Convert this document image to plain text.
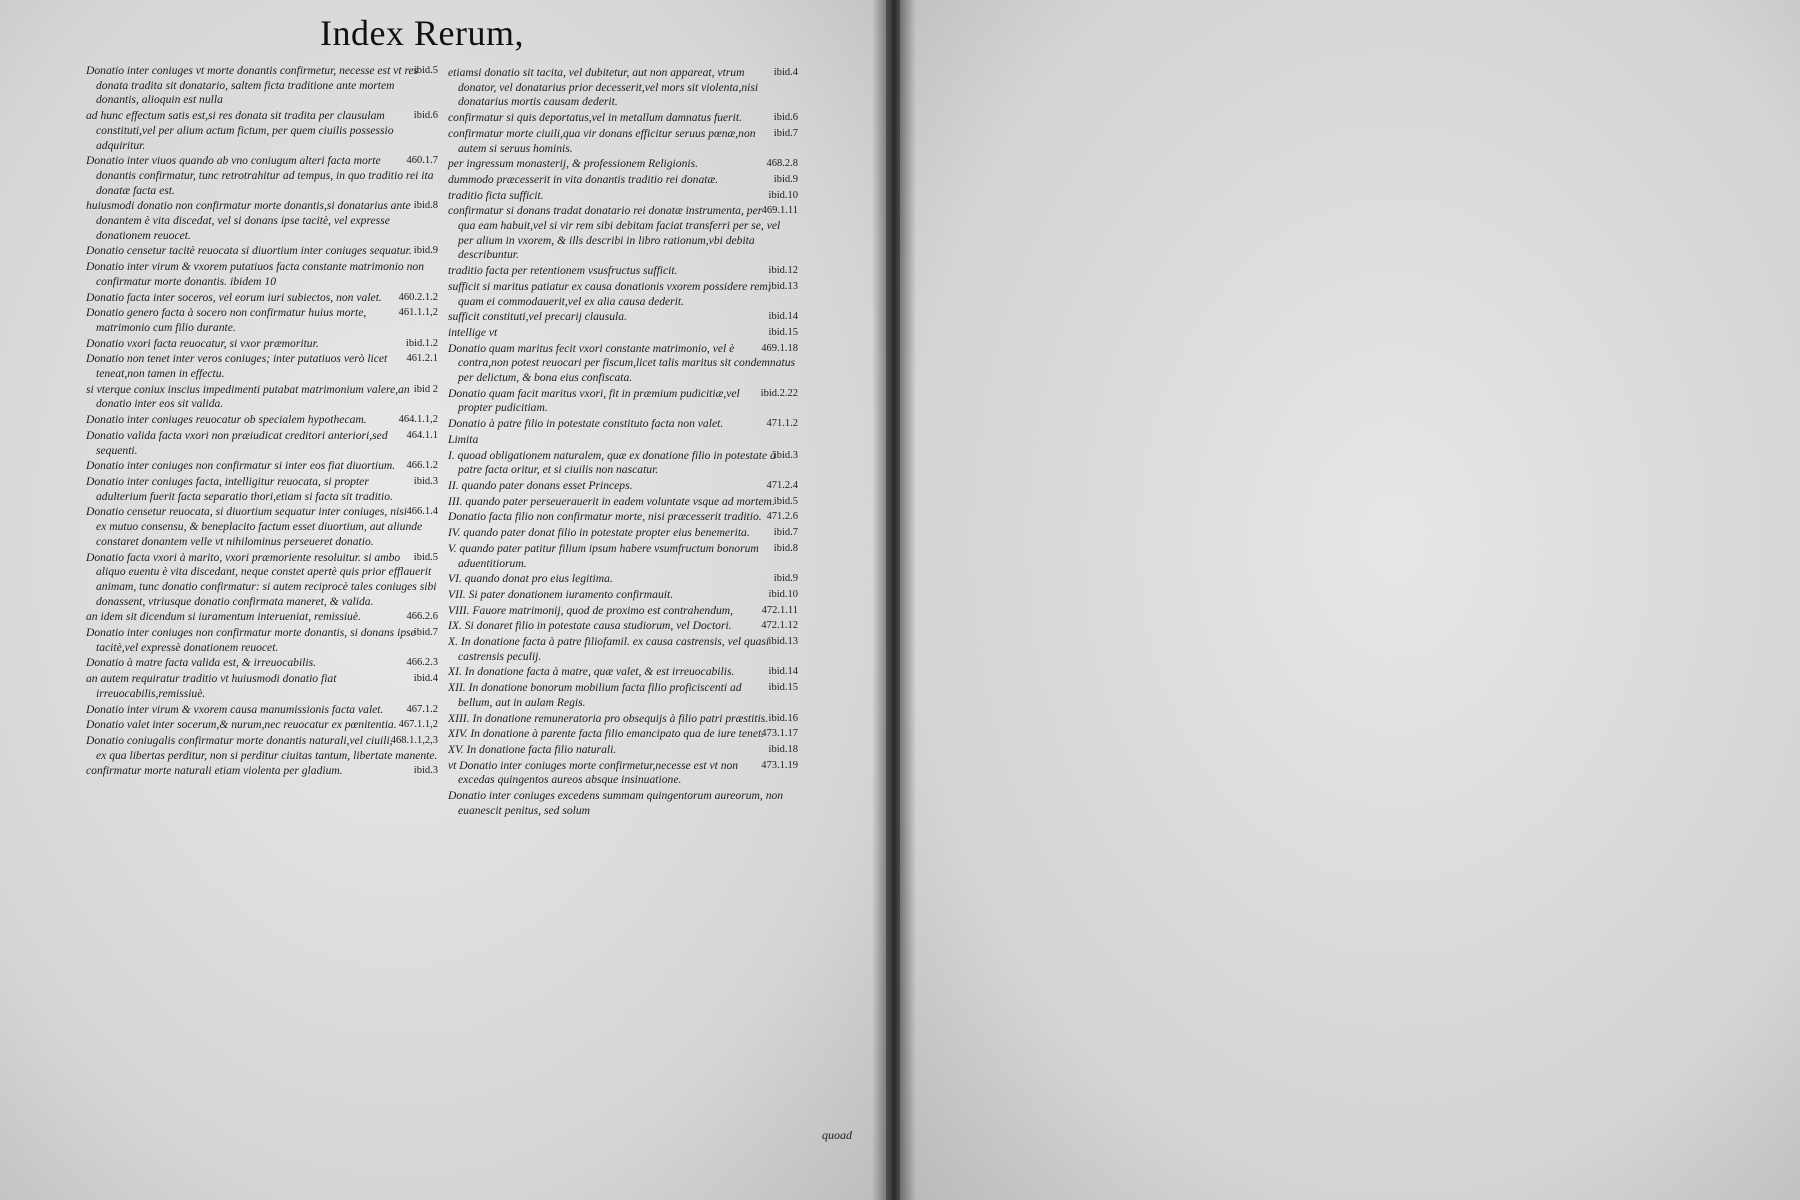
Index Rerum,
ibid.5
Donatio inter coniuges vt morte donantis confirmetur, necesse est vt res donata tradita sit donatario, saltem ficta traditione ante mortem donantis, alioquin est nulla
ibid.6
ad hunc effectum satis est,si res donata sit tradita per clausulam constituti,vel per alium actum fictum, per quem ciuilis possessio adquiritur.
460.1.7
Donatio inter viuos quando ab vno coniugum alteri facta morte donantis confirmatur, tunc retrotrahitur ad tempus, in quo traditio rei ita donatæ facta est.
ibid.8
huiusmodi donatio non confirmatur morte donantis,si donatarius ante donantem è vita discedat, vel si donans ipse tacitè, vel expresse donationem reuocet.
ibid.9
Donatio censetur tacitè reuocata si diuortium inter coniuges sequatur.
Donatio inter virum & vxorem putatiuos facta constante matrimonio non confirmatur morte donantis. ibidem 10
460.2.1.2
Donatio facta inter soceros, vel eorum iuri subiectos, non valet.
461.1.1,2
Donatio genero facta à socero non confirmatur huius morte, matrimonio cum filio durante.
ibid.1.2
Donatio vxori facta reuocatur, si vxor præmoritur.
461.2.1
Donatio non tenet inter veros coniuges; inter putatiuos verò licet teneat,non tamen in effectu.
ibid 2
si vterque coniux inscius impedimenti putabat matrimonium valere,an donatio inter eos sit valida.
464.1.1,2
Donatio inter coniuges reuocatur ob specialem hypothecam.
464.1.1
Donatio valida facta vxori non præiudicat creditori anteriori,sed sequenti.
466.1.2
Donatio inter coniuges non confirmatur si inter eos fiat diuortium.
ibid.3
Donatio inter coniuges facta, intelligitur reuocata, si propter adulterium fuerit facta separatio thori,etiam si facta sit traditio.
466.1.4
Donatio censetur reuocata, si diuortium sequatur inter coniuges, nisi ex mutuo consensu, & beneplacito factum esset diuortium, aut aliunde constaret donantem velle vt nihilominus perseueret donatio.
ibid.5
Donatio facta vxori à marito, vxori præmoriente resoluitur. si ambo aliquo euentu è vita discedant, neque constet apertè quis prior efflauerit animam, tunc donatio confirmatur: si autem reciprocè tales coniuges sibi donassent, vtriusque donatio confirmata maneret, & valida.
466.2.6
an idem sit dicendum si iuramentum interueniat, remissiuè.
ibid.7
Donatio inter coniuges non confirmatur morte donantis, si donans ipse tacitè,vel expressè donationem reuocet.
466.2.3
Donatio à matre facta valida est, & irreuocabilis.
ibid.4
an autem requiratur traditio vt huiusmodi donatio fiat irreuocabilis,remissiuè.
467.1.2
Donatio inter virum & vxorem causa manumissionis facta valet.
467.1.1,2
Donatio valet inter socerum,& nurum,nec reuocatur ex pœnitentia.
468.1.1,2,3
Donatio coniugalis confirmatur morte donantis naturali,vel ciuili, ex qua libertas perditur, non si perditur ciuitas tantum, libertate manente.
ibid.3
confirmatur morte naturali etiam violenta per gladium.
ibid.4
etiamsi donatio sit tacita, vel dubitetur, aut non appareat, vtrum donator, vel donatarius prior decesserit,vel mors sit violenta,nisi donatarius mortis causam dederit.
ibid.6
confirmatur si quis deportatus,vel in metallum damnatus fuerit.
ibid.7
confirmatur morte ciuili,qua vir donans efficitur seruus pœnæ,non autem si seruus hominis.
468.2.8
per ingressum monasterij, & professionem Religionis.
ibid.9
dummodo præcesserit in vita donantis traditio rei donatæ.
ibid.10
traditio ficta sufficit.
469.1.11
confirmatur si donans tradat donatario rei donatæ instrumenta, per qua eam habuit,vel si vir rem sibi debitam faciat transferri per se, vel per alium in vxorem, & ills describi in libro rationum,vbi debita describuntur.
ibid.12
traditio facta per retentionem vsusfructus sufficit.
ibid.13
sufficit si maritus patiatur ex causa donationis vxorem possidere rem, quam ei commodauerit,vel ex alia causa dederit.
ibid.14
sufficit constituti,vel precarij clausula.
ibid.15
intellige vt
469.1.18
Donatio quam maritus fecit vxori constante matrimonio, vel è contra,non potest reuocari per fiscum,licet talis maritus sit condemnatus per delictum, & bona eius confiscata.
ibid.2.22
Donatio quam facit maritus vxori, fit in præmium pudicitiæ,vel propter pudicitiam.
471.1.2
Donatio à patre filio in potestate constituto facta non valet.
Limita
ibid.3
I. quoad obligationem naturalem, quæ ex donatione filio in potestate à patre facta oritur, et si ciuilis non nascatur.
471.2.4
II. quando pater donans esset Princeps.
ibid.5
III. quando pater perseuerauerit in eadem voluntate vsque ad mortem.
471.2.6
Donatio facta filio non confirmatur morte, nisi præcesserit traditio.
ibid.7
IV. quando pater donat filio in potestate propter eius benemerita.
ibid.8
V. quando pater patitur filium ipsum habere vsumfructum bonorum aduentitiorum.
ibid.9
VI. quando donat pro eius legitima.
ibid.10
VII. Si pater donationem iuramento confirmauit.
472.1.11
VIII. Fauore matrimonij, quod de proximo est contrahendum,
472.1.12
IX. Si donaret filio in potestate causa studiorum, vel Doctori.
ibid.13
X. In donatione facta à patre filiofamil. ex causa castrensis, vel quasi castrensis peculij.
ibid.14
XI. In donatione facta à matre, quæ valet, & est irreuocabilis.
ibid.15
XII. In donatione bonorum mobilium facta filio proficiscenti ad bellum, aut in aulam Regis.
ibid.16
XIII. In donatione remuneratoria pro obsequijs à filio patri præstitis.
473.1.17
XIV. In donatione à parente facta filio emancipato qua de iure tenet.
ibid.18
XV. In donatione facta filio naturali.
473.1.19
vt Donatio inter coniuges morte confirmetur,necesse est vt non excedas quingentos aureos absque insinuatione.
Donatio inter coniuges excedens summam quingentorum aureorum, non euanescit penitus, sed solum
quoad
